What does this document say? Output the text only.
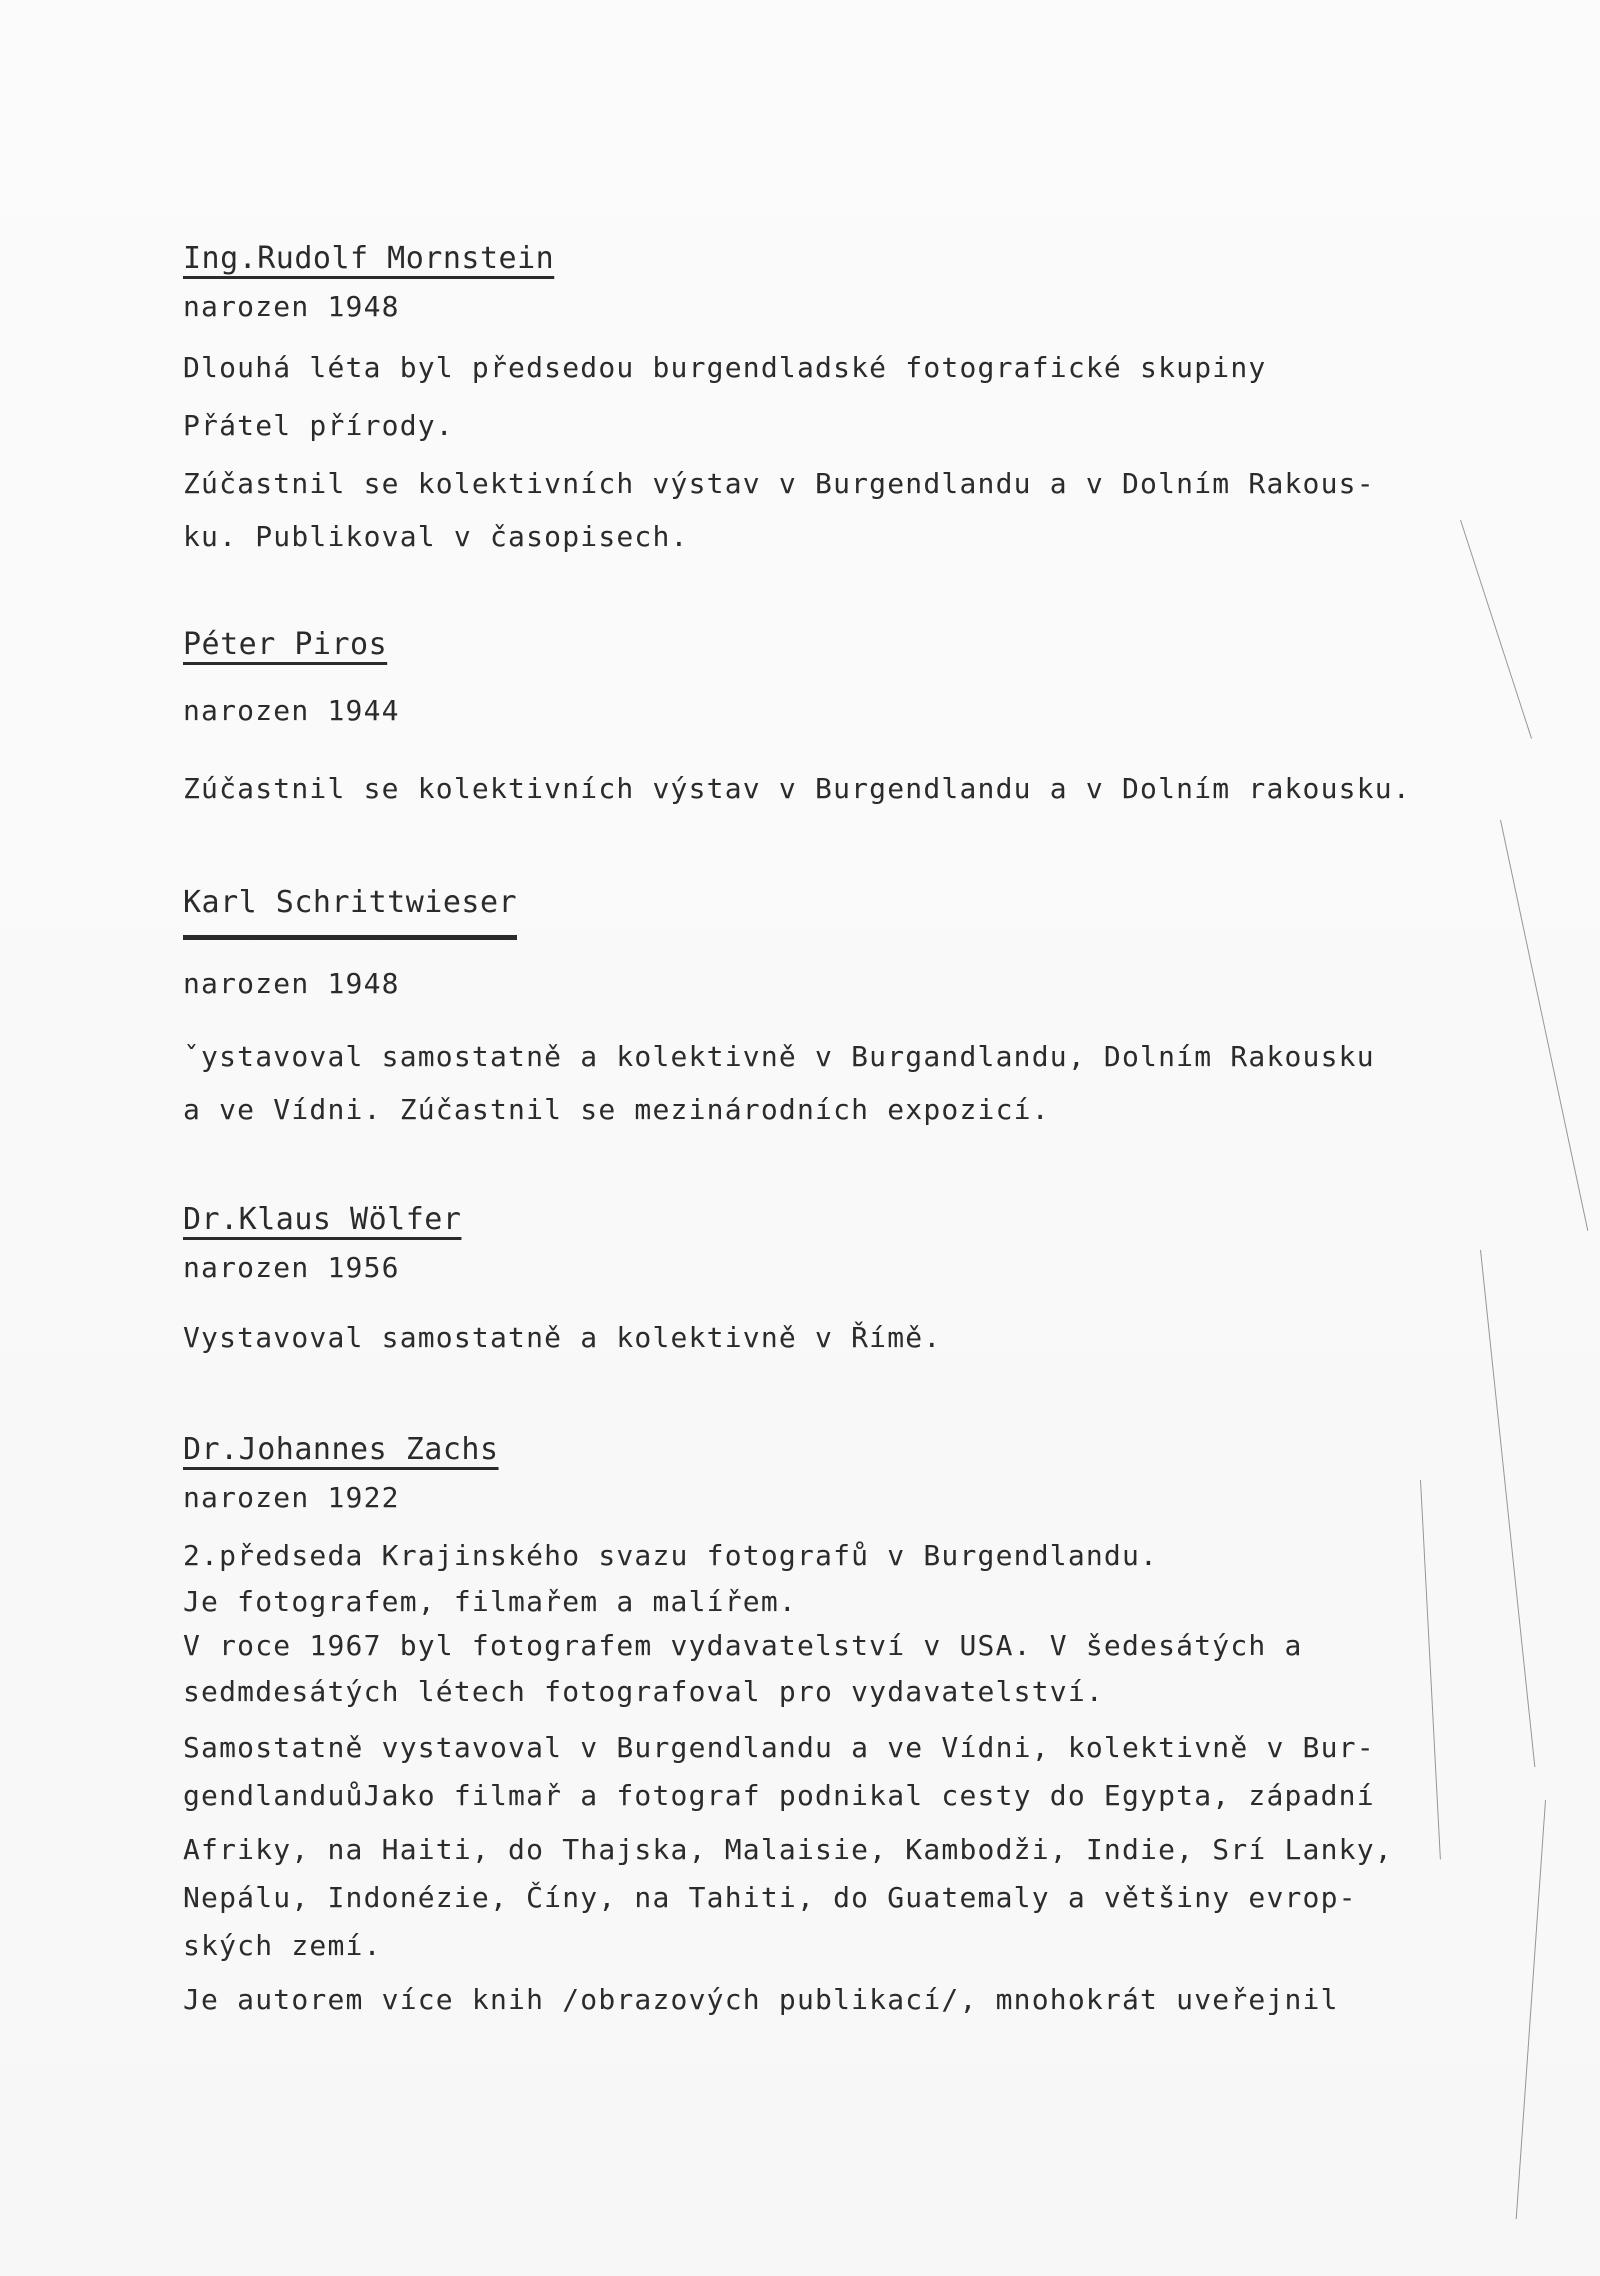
Ing.Rudolf Mornstein
narozen 1948
Dlouhá léta byl předsedou burgendladské fotografické skupiny
Přátel přírody.
Zúčastnil se kolektivních výstav v Burgendlandu a v Dolním Rakous-
ku. Publikoval v časopisech.
Péter Piros
narozen 1944
Zúčastnil se kolektivních výstav v Burgendlandu a v Dolním rakousku.
Karl Schrittwieser
narozen 1948
ˇystavoval samostatně a kolektivně v Burgandlandu, Dolním Rakousku
a ve Vídni. Zúčastnil se mezinárodních expozicí.
Dr.Klaus Wölfer
narozen 1956
Vystavoval samostatně a kolektivně v Římě.
Dr.Johannes Zachs
narozen 1922
2.předseda Krajinského svazu fotografů v Burgendlandu.
Je fotografem, filmařem a malířem.
V roce 1967 byl fotografem vydavatelství v USA. V šedesátých a
sedmdesátých létech fotografoval pro vydavatelství.
Samostatně vystavoval v Burgendlandu a ve Vídni, kolektivně v Bur-
gendlanduůJako filmař a fotograf podnikal cesty do Egypta, západní
Afriky, na Haiti, do Thajska, Malaisie, Kambodži, Indie, Srí Lanky,
Nepálu, Indonézie, Číny, na Tahiti, do Guatemaly a většiny evrop-
ských zemí.
Je autorem více knih /obrazových publikací/, mnohokrát uveřejnil
